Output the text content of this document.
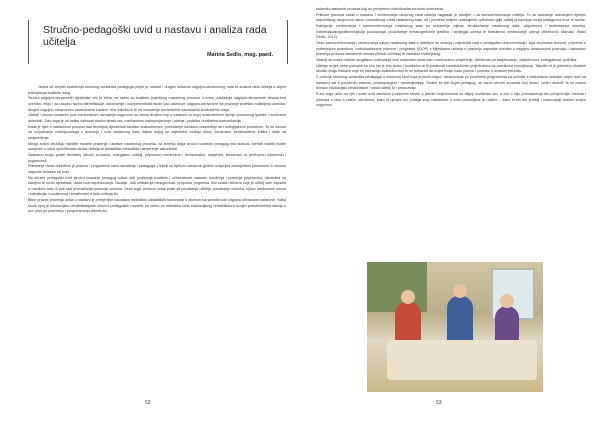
Stručno-pedagoški uvid u nastavu i analiza rada učitelja
Marina Sedlo, mag. paed.

Jedna od brojnih zaduženja stručnog suradnika pedagoga projet je nastavi i drugim oblicima odgojno-obrazovnog rada te analiza rada učitelja s ciljem poboljšanja kvalitete istog.

Stručni odgojno-obrazovnih djelatnika vrlo je bitna, ne samo za kvalitetu pojedinog nastavnog procesa u svrhu postizanja odgojno-obrazovnih ishoda kod učenika, nego i za ukupnu razinu identifikacije, autonomije i kompetentnosti škole kao ustanove odgojno-obrazovne za pružanje podrške roditeljima učenika, drugim odgojno-obrazovnim ustanovama lokalne i šire zajednice te za ostvarenje suvremenih nacionalnih kurikularnih vizija.

Učitelji i stručni suradnici pod mentorstvom ravnatelja odgovorni su žarovi društva koji u ustanovi vu kojoj svakodnevno djeluju pronosnog ljudske i društvene dobrobiti. Zato toga je od velike važnosti stručni timski rad, međusobno nadopunjavanje i učenje, podrška i kvalitetna komunikacija.

Kada je riječ o nastavnom procesu kao temeljnoj djelatnosti školske svakodnevice, prenošenje iskustva unapređuje se i kolegijalnom podrškom. To se odnosi na uključivanje učitelja-kolega u praćenje i uvid nastavnog sata, nakon kojeg se zajednički uviđaju utisci, komentari, konstruktivne kritike i ideje za unapređenje.

Mnogi autori obrađuju načičite modele praćenja i analize nastavnog procesa, na temelju dega stručni suradnik pedagog ima slobodu kreirati vlastiti model usmjeren u izbor specifičnosti struke učitelja te didaktičko-metodičke usmjerenje zakonitosti.

Nastavnu mogu pratiti ravnatelj, stručni suradnici, kolegijalno učitelji, pripravnici mentorima i domaćinstvu, savjetnici, istraživači uz prethodnu odobrenju i suglasnosti.

Planiranje uvida određeno je planom i programom rada ravnatelja i pedagoga. Učitelji su tijekom nastavne godine unaprijed obaviješteni planiranim ili umnom najavom dolaska na uvid.

Na stručni pedagoški uvid stručni suradnik pedagog odlazi radi podizanja kvalitete i učinkovitosti nastave, uvođenja i praćenja pripravnika, djelatnika na zamjeni te novih djelatnika, uvida radi napredovanja. Nadalje, radi obilaženja mesujumostí, propusta, pogreška, bilo svakih telićeva koje je učitelj sam zapazio u vlastitom radu ili pak radi promatranja praćenje učenika. Osim toga, prilikom uvida prate se ponašanje učitelja, ponašanje učenika, njihov međusobni odnos i interakcija, inovativnost i kreativnost u radu učitelja itd.

Bitan proces praćenja uvida u nastavu je primjenjive iskustava metodičko-didaktičkih koncepata s obzirom na specifičnost odgojno-obrazovne ustanove. Naša škola spoj je edukacijsko-rehabilitacijskih stručno pedagoških modela, pri čemu se metodika rada edukacijskog rehabilitatora svojim posebnostima stavlja u prvi plan pri planiranju i programiranju višestruko

52

složenih nastavnih procesa koji su primjereno individualizirani svim učenicima.

Prilikom procesa uvida u nastavu i vrednovanja ukupnog rada učitelja naglasak je stavljen i na samovrednovanje učitelja. To se ostvaruje uzimanjem tijekom zajedničkog razgovora nakon provedenog uvida nastavnog sata, ali i pismeno krajem uobičajenih upitnikom gdje učitelj procjenjuje svoja postignuća kroz tri razine. Kategorije vrednovanja i samovrednovanja nastavnog sata su ostvarenje ciljeva, strukturiranje nastavnog sata, uključenost i motiviranost učenika, individualizacija/diferencijacija poučavanja, poučavanje metakognitivnih vještina i strategija učenja te formativno vrednovanje učenja (Bezinović, Marušić, Ristić Dedić, 2012).

Osim samovrednovanja i vrednovanja nakon nastavnog sata s učiteljem se obavlja i zajednički uvid u pedagošku dokumentaciju: koja obuhvaća dnevnik, pripremu s roditeljskom podrškom, individualizirane planove i programe (IOOP) s bilješkama učitelja o praćenju napretka učenika u odgojno-obrazovnom području i naknadnu praćenja procesa ostvarenih ishoda (ishodi učenika) te naznake roditeljskog.

Nastoji se uvijek održati usuglasno poštovanje svih sudionika uvida kao i međusobno povjerenje, direktnost pri savjetovanju, objektivnost, kolegijalnost, podrška.

Učitelje uvijek treba pohvaliti za ono što je bilo dobro i kvalitetno te ih potaknuti konstruktivnim prijedlozima na učenikovu poboljšanja. Također ih je potrebno ohrabriti ukoliko imaju teškoće koje im otežavaju svakodnevicu te im pokazati da uvijek imaju našu pomoć i podršku u svakom trenutku.

S pozicije stručnog suradnika pedagoga u osnovnoj školi koja provodi odgoj i obrazovanje po posebnim programima za učenike s teškoćama nastojim uvijek doći na nastavni sat s pozitivnim stavom, odobravanjem i razumijevanja. Trudim se biti člojek-pedagog, ne samo stručni suradnik koji dolazi „nekto obaviti" te se radom domaci edukacijski rehabilitatori i ostali učitelji to i prepoznaju.

Puno toga učim od njih i svaki uvid završimo pozitivnim tonom s jasnim smjernicama za daljnji kvalitetan rad, a sve u cilju pronalaženja što primjerenijih metoda i pristupa u radu s našim učenicima, kako bi upravo oni postigli svoj maksimum u svim područjima te našem – kako bi bili što sretniji i zadovoljniji svakim svojim uspjehom.

53
